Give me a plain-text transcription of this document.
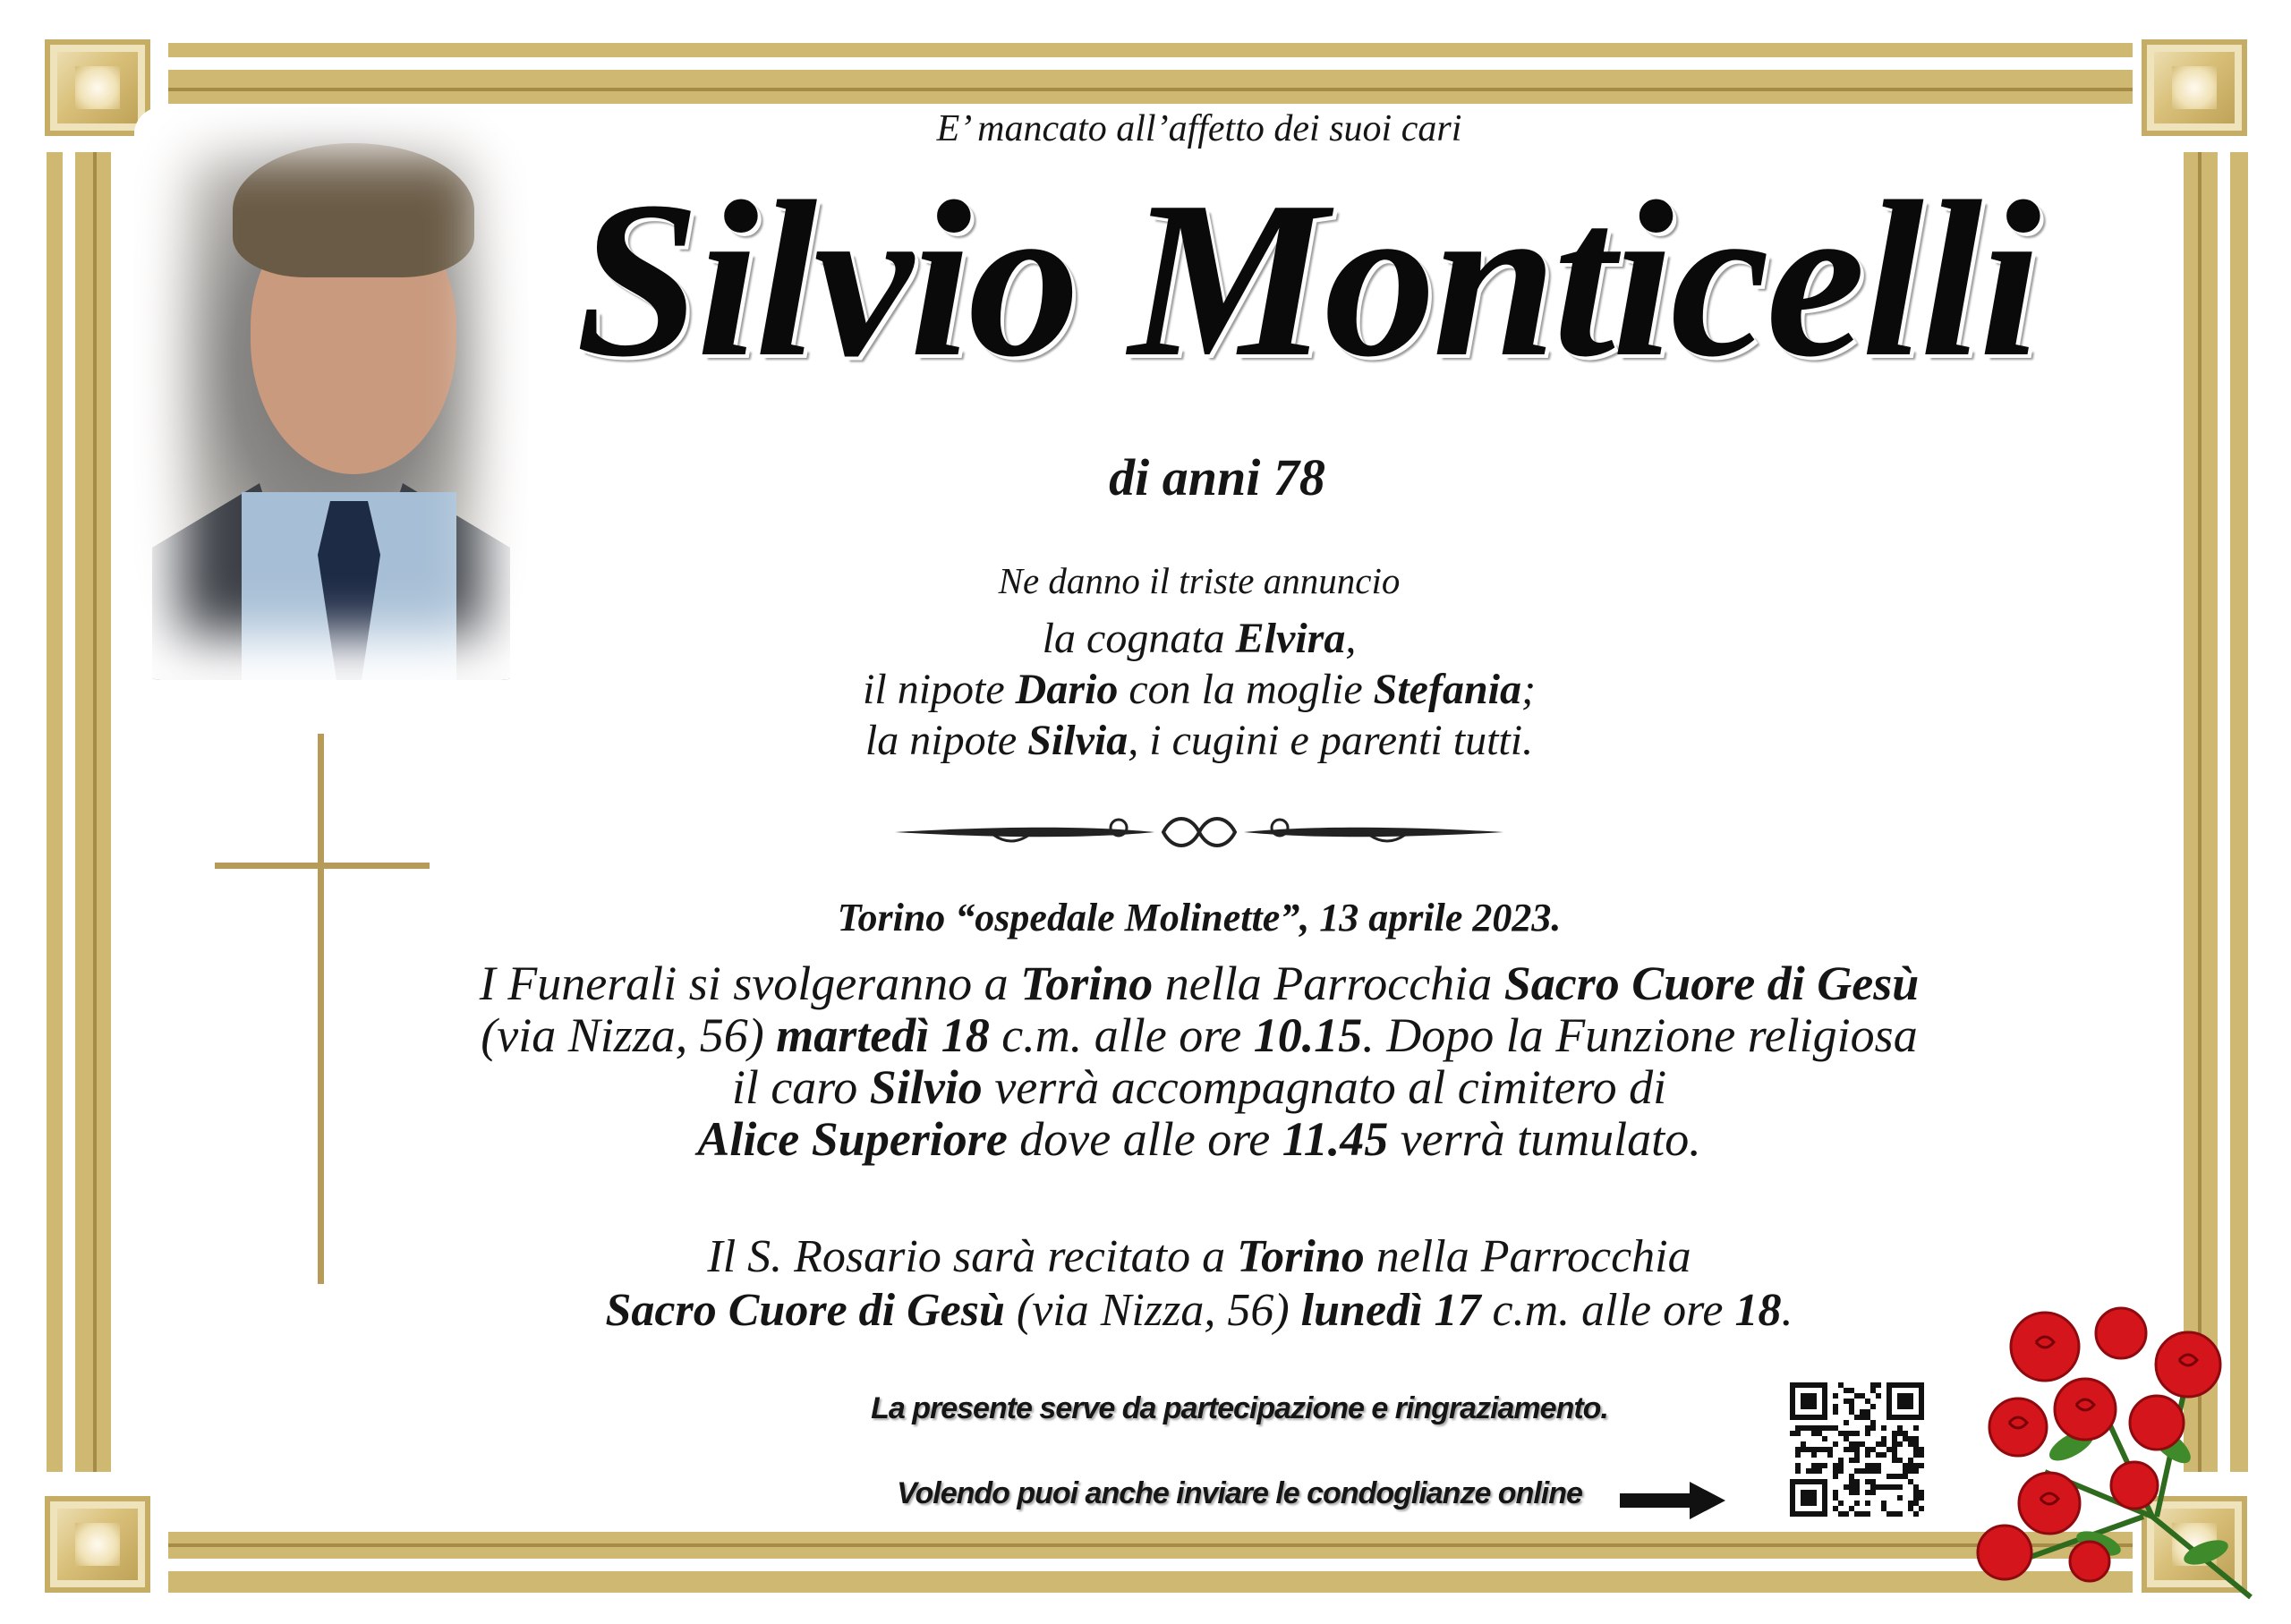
E’ mancato all’affetto dei suoi cari
Silvio Monticelli
di anni 78
Ne danno il triste annuncio
la cognata Elvira,
il nipote Dario con la moglie Stefania;
la nipote Silvia, i cugini e parenti tutti.
Torino “ospedale Molinette”, 13 aprile 2023.
I Funerali si svolgeranno a Torino nella Parrocchia Sacro Cuore di Gesù
(via Nizza, 56) martedì 18 c.m. alle ore 10.15. Dopo la Funzione religiosa
il caro Silvio verrà accompagnato al cimitero di
Alice Superiore dove alle ore 11.45 verrà tumulato.
Il S. Rosario sarà recitato a Torino nella Parrocchia
Sacro Cuore di Gesù (via Nizza, 56) lunedì 17 c.m. alle ore 18.
La presente serve da partecipazione e ringraziamento.
Volendo puoi anche inviare le condoglianze online
